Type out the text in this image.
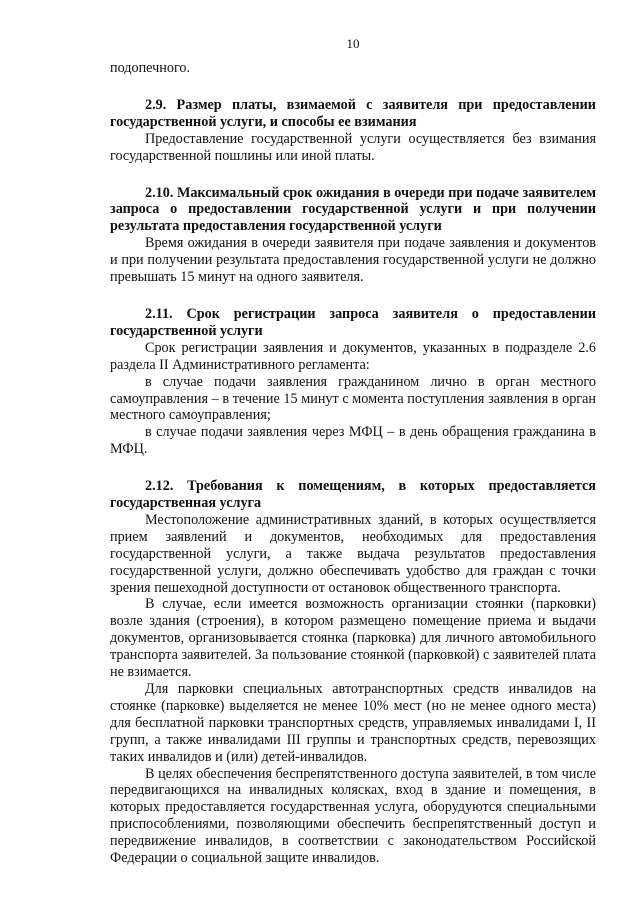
10

подопечного.

2.9. Размер платы, взимаемой с заявителя при предоставлении государственной услуги, и способы ее взимания

Предоставление государственной услуги осуществляется без взимания государственной пошлины или иной платы.

2.10. Максимальный срок ожидания в очереди при подаче заявителем запроса о предоставлении государственной услуги и при получении результата предоставления государственной услуги

Время ожидания в очереди заявителя при подаче заявления и документов и при получении результата предоставления государственной услуги не должно превышать 15 минут на одного заявителя.

2.11. Срок регистрации запроса заявителя о предоставлении государственной услуги

Срок регистрации заявления и документов, указанных в подразделе 2.6 раздела II Административного регламента:

в случае подачи заявления гражданином лично в орган местного самоуправления – в течение 15 минут с момента поступления заявления в орган местного самоуправления;

в случае подачи заявления через МФЦ – в день обращения гражданина в МФЦ.

2.12. Требования к помещениям, в которых предоставляется государственная услуга

Местоположение административных зданий, в которых осуществляется прием заявлений и документов, необходимых для предоставления государственной услуги, а также выдача результатов предоставления государственной услуги, должно обеспечивать удобство для граждан с точки зрения пешеходной доступности от остановок общественного транспорта.

В случае, если имеется возможность организации стоянки (парковки) возле здания (строения), в котором размещено помещение приема и выдачи документов, организовывается стоянка (парковка) для личного автомобильного транспорта заявителей. За пользование стоянкой (парковкой) с заявителей плата не взимается.

Для парковки специальных автотранспортных средств инвалидов на стоянке (парковке) выделяется не менее 10% мест (но не менее одного места) для бесплатной парковки транспортных средств, управляемых инвалидами I, II групп, а также инвалидами III группы и транспортных средств, перевозящих таких инвалидов и (или) детей-инвалидов.

В целях обеспечения беспрепятственного доступа заявителей, в том числе передвигающихся на инвалидных колясках, вход в здание и помещения, в которых предоставляется государственная услуга, оборудуются специальными приспособлениями, позволяющими обеспечить беспрепятственный доступ и передвижение инвалидов, в соответствии с законодательством Российской Федерации о социальной защите инвалидов.
